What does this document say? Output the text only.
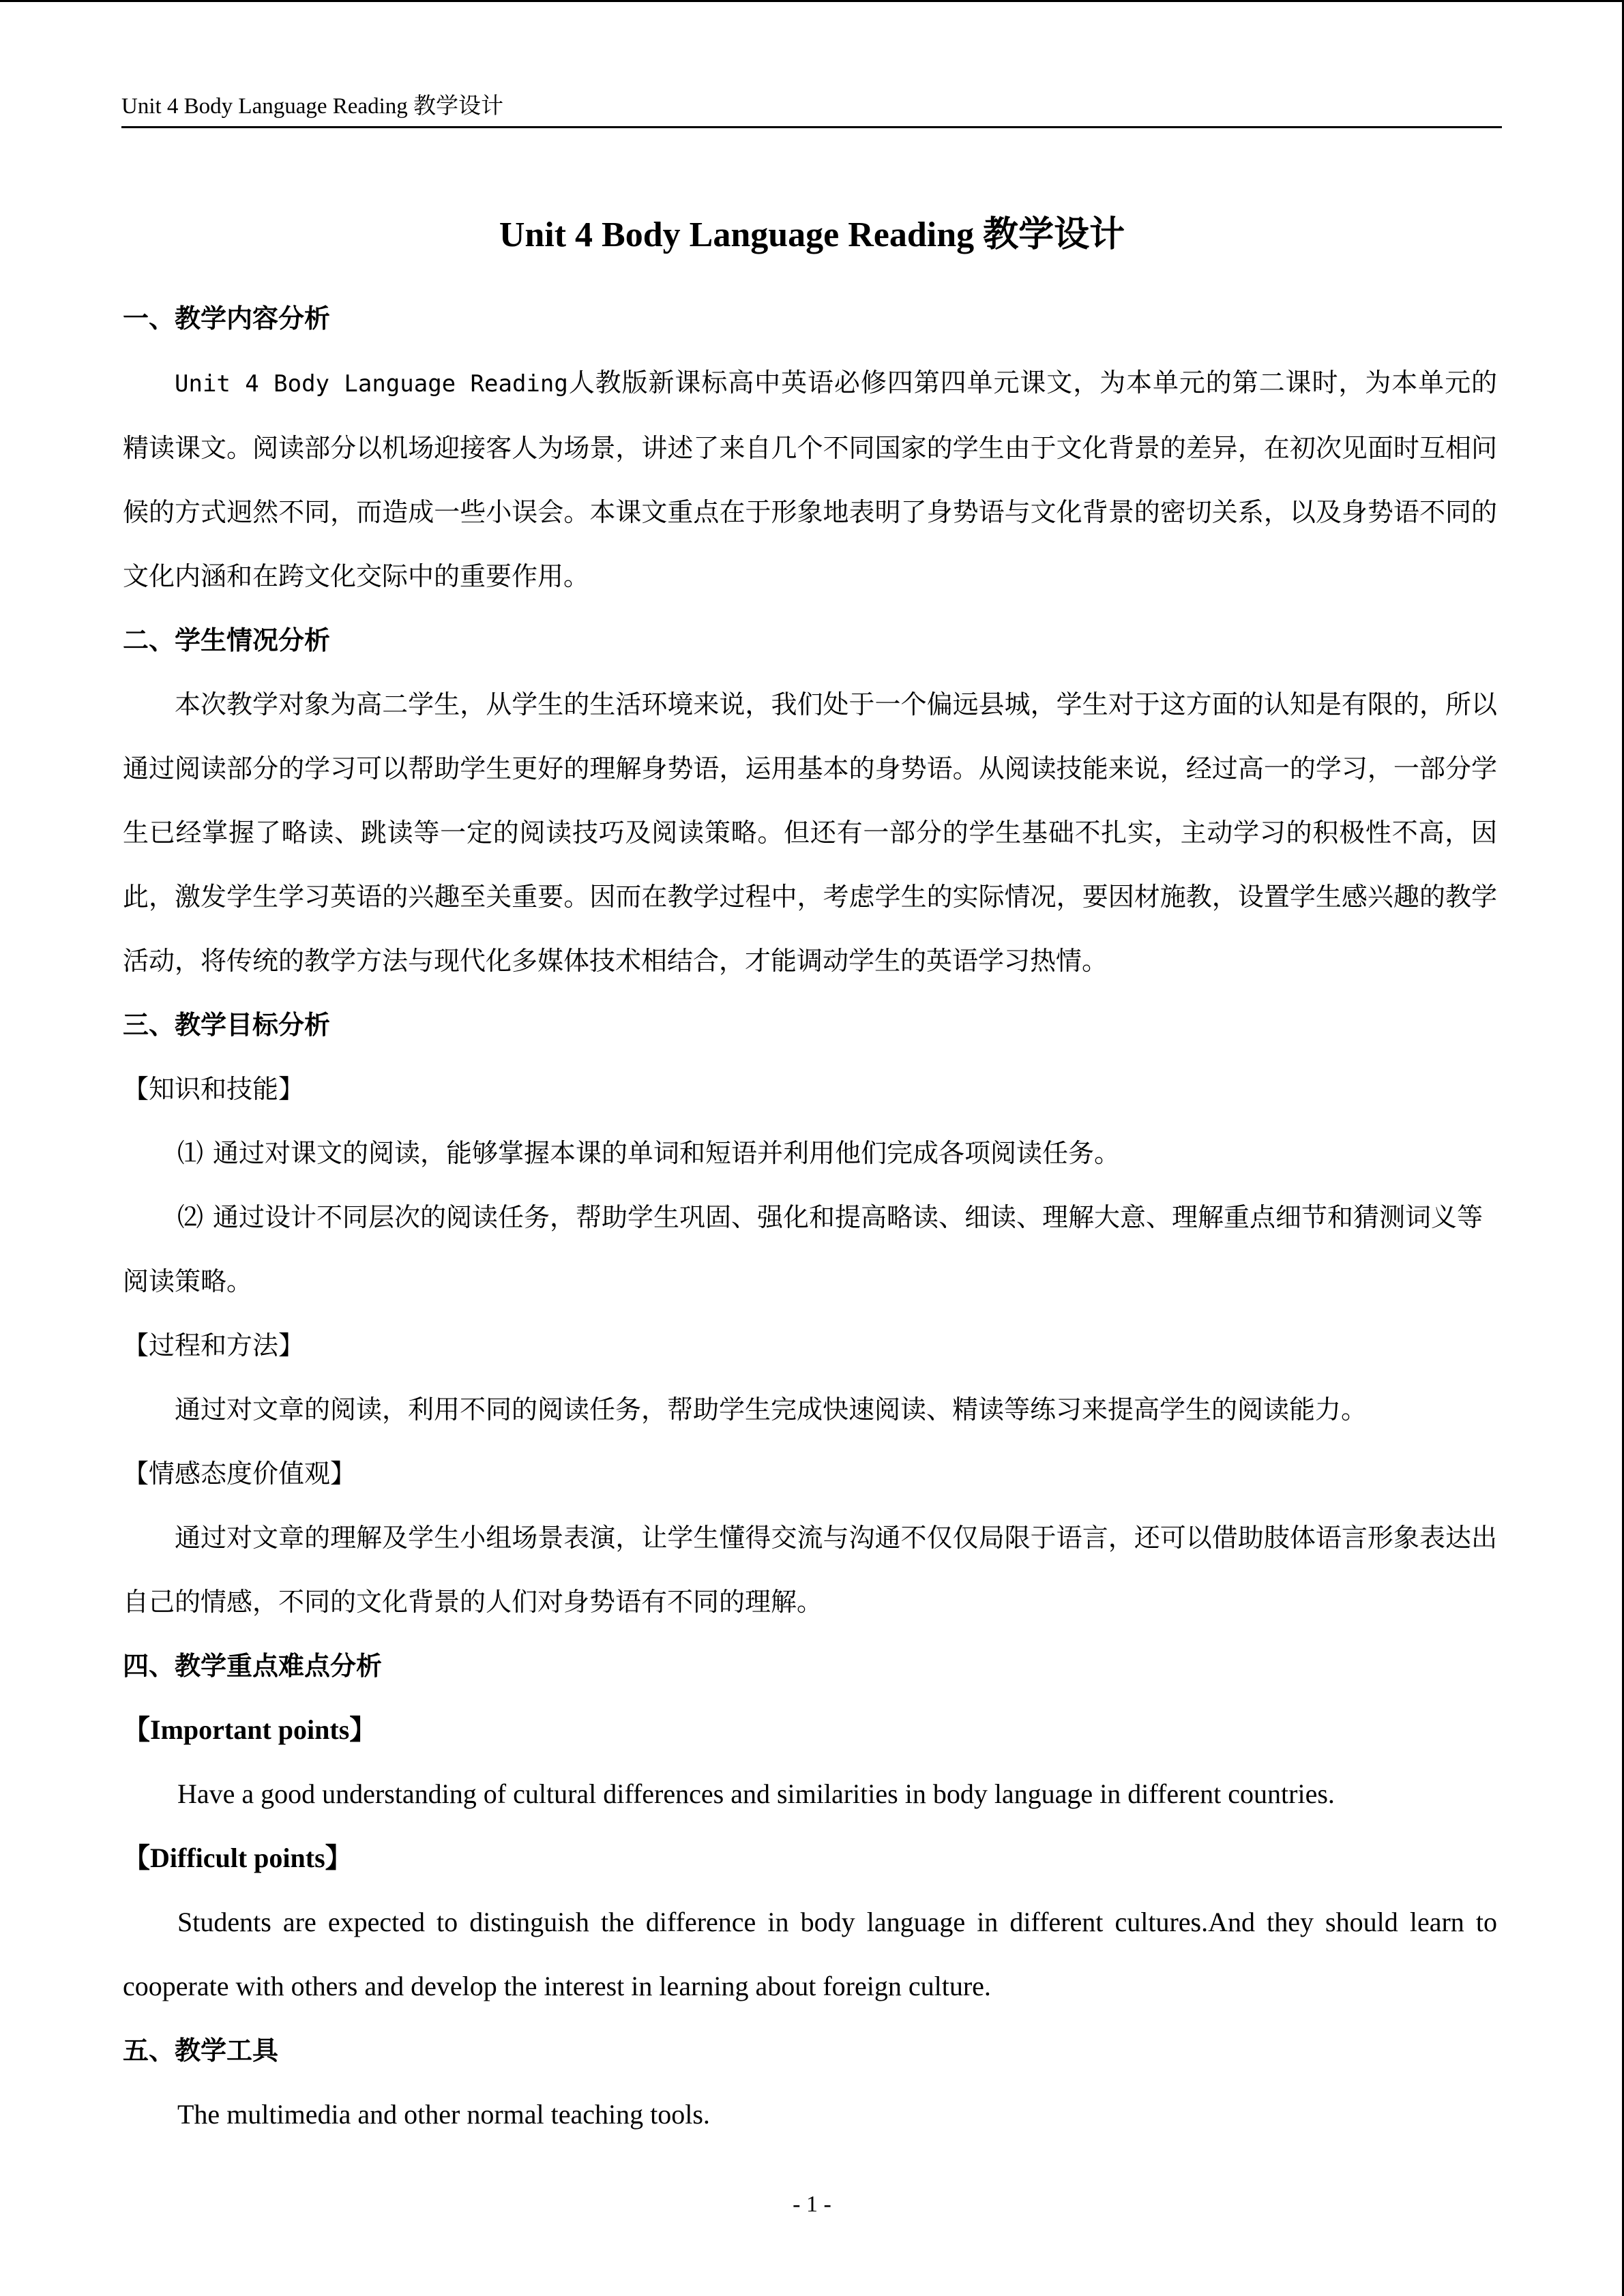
Unit 4 Body Language Reading 教学设计
Unit 4 Body Language Reading 教学设计
一、教学内容分析
Unit 4 Body Language Reading人教版新课标高中英语必修四第四单元课文，为本单元的第二课时，为本单元的精读课文。阅读部分以机场迎接客人为场景，讲述了来自几个不同国家的学生由于文化背景的差异，在初次见面时互相问候的方式迥然不同，而造成一些小误会。本课文重点在于形象地表明了身势语与文化背景的密切关系，以及身势语不同的文化内涵和在跨文化交际中的重要作用。
二、学生情况分析
本次教学对象为高二学生，从学生的生活环境来说，我们处于一个偏远县城，学生对于这方面的认知是有限的，所以通过阅读部分的学习可以帮助学生更好的理解身势语，运用基本的身势语。从阅读技能来说，经过高一的学习，一部分学生已经掌握了略读、跳读等一定的阅读技巧及阅读策略。但还有一部分的学生基础不扎实，主动学习的积极性不高，因此，激发学生学习英语的兴趣至关重要。因而在教学过程中，考虑学生的实际情况，要因材施教，设置学生感兴趣的教学活动，将传统的教学方法与现代化多媒体技术相结合，才能调动学生的英语学习热情。
三、教学目标分析
【知识和技能】
⑴ 通过对课文的阅读，能够掌握本课的单词和短语并利用他们完成各项阅读任务。
⑵ 通过设计不同层次的阅读任务，帮助学生巩固、强化和提高略读、细读、理解大意、理解重点细节和猜测词义等阅读策略。
【过程和方法】
通过对文章的阅读，利用不同的阅读任务，帮助学生完成快速阅读、精读等练习来提高学生的阅读能力。
【情感态度价值观】
通过对文章的理解及学生小组场景表演，让学生懂得交流与沟通不仅仅局限于语言，还可以借助肢体语言形象表达出自己的情感，不同的文化背景的人们对身势语有不同的理解。
四、教学重点难点分析
【Important points】
Have a good understanding of cultural differences and similarities in body language in different countries.
【Difficult points】
Students are expected to distinguish the difference in body language in different cultures.And they should learn to cooperate with others and develop the interest in learning about foreign culture.
五、教学工具
The multimedia and other normal teaching tools.
- 1 -
